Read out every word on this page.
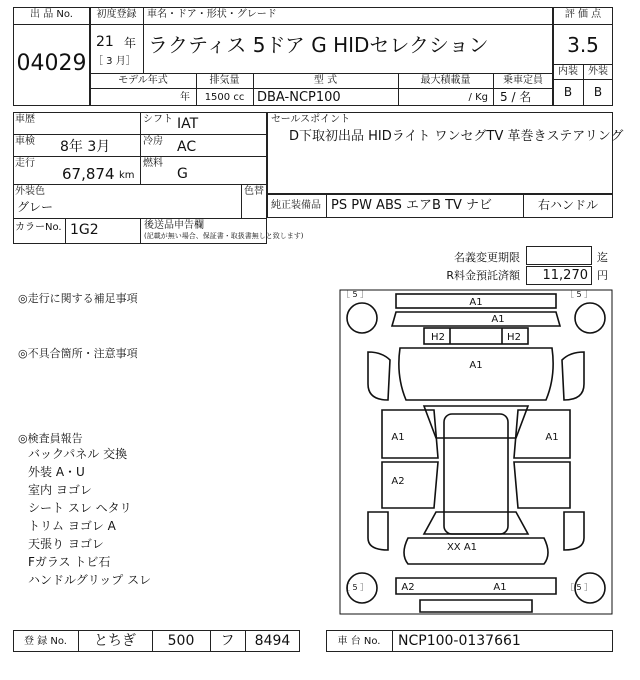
出 品 No.
04029
初度登録	車名・ドア・形状・グレード
21 年
［ 3 月］
ラクティス 5ドア G HIDセレクション
モデル年式
年
排気量
1500 cc
型 式
DBA-NCP100
最大積載量
/ Kg
乗車定員
5 / 名
評 価 点
3.5
内装	外装
B	B
車歴	シフト IAT
車検 8年 3月	冷房 AC
走行
67,874 km
燃料
G
外装色
グレー
色替
カラーNo. 1G2	後送品申告欄
(記載が無い場合、保証書・取扱書無しと致します)
セールスポイント
D下取初出品 HIDライト ワンセグTV 革巻きステアリング
純正装備品 PS PW ABS エアB TV ナビ	右ハンドル
名義変更期限	迄
R料金預託済額	11,270 円
◎走行に関する補足事項
◎不具合箇所・注意事項
◎検査員報告
バックパネル 交換
外装 A・U
室内 ヨゴレ
シート スレ ヘタリ
トリム ヨゴレ A
天張り ヨゴレ
Fガラス トビ石
ハンドルグリップ スレ
［ 5 ］	［ 5 ］
［ 5 ］	［ 5 ］
A1
A1
H2	H2
A1
A1	A1
A2
XX A1
A2	A1
登 録 No.	とちぎ	500	フ	8494	車 台 No.	NCP100-0137661
